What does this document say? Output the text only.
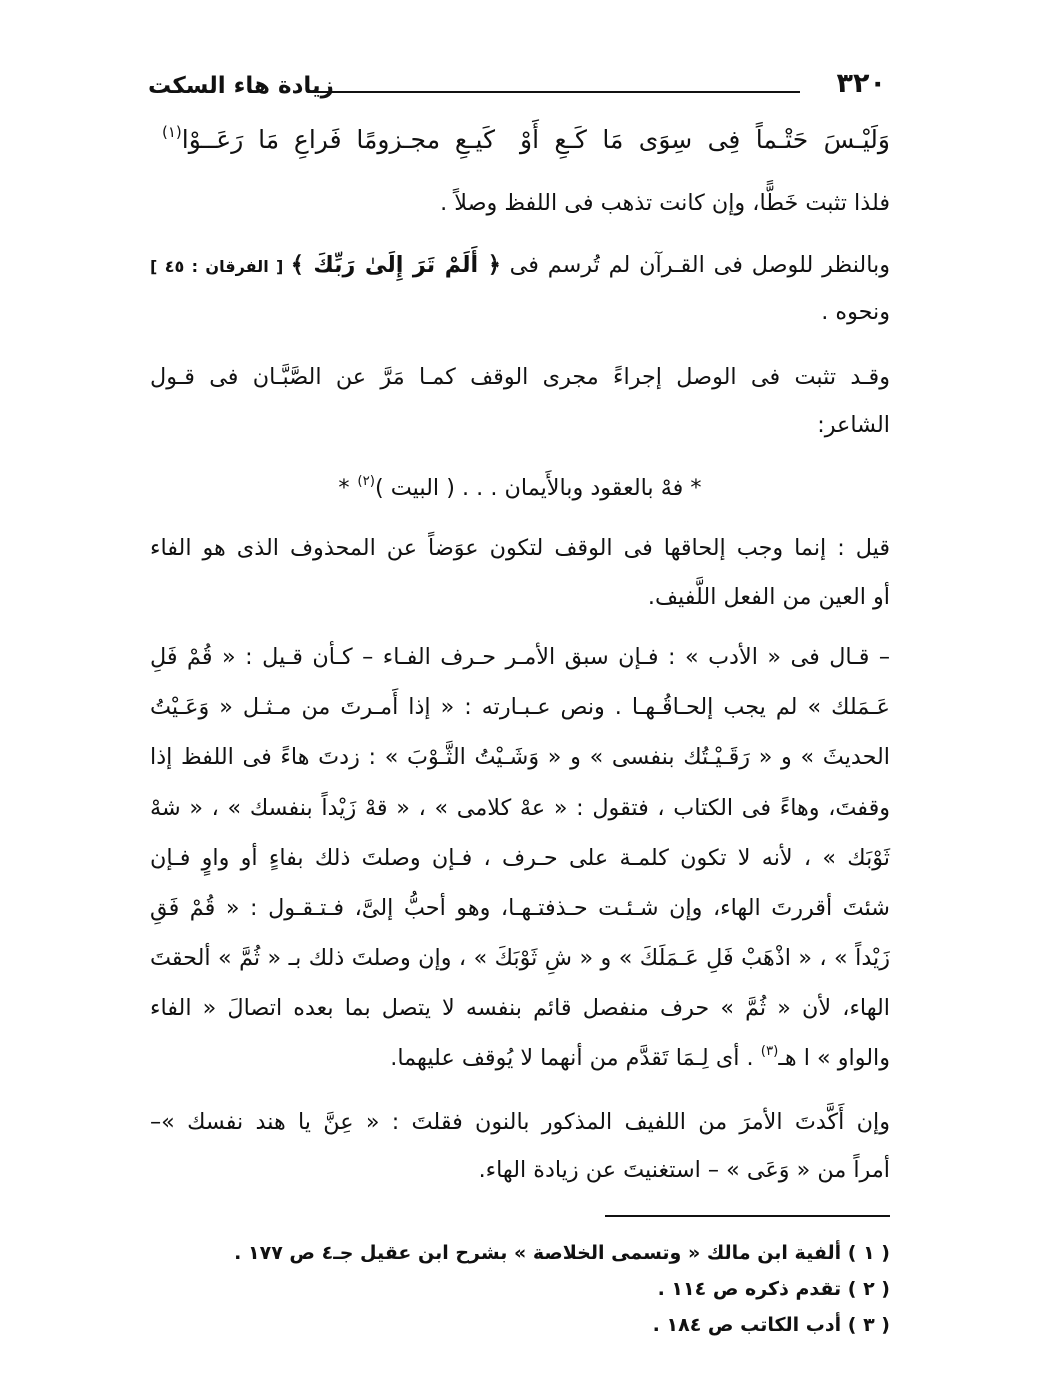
٣٢٠
زيادة هاء السكت
وَلَيْـسَ حَتْـماً فِى سِوَى مَا كَـعِ أَوْ
كَيـعِ مجـزومًا فَراعِ مَا رَعَــوْا$^{(١)}$
فلذا تثبت خَطًّا، وإن كانت تذهب فى اللفظ وصلاً .
وبالنظر للوصل فى القـرآن لم تُرسم فى ﴿ أَلَمْ تَرَ إِلَىٰ رَبِّكَ ﴾ [ الفرقان : ٤٥ ]
ونحوه .
وقـد تثبت فى الوصل إجراءً مجرى الوقف كمـا مَرَّ عن الصَّبَّـان فى قـول
الشاعر:
* فهْ بالعقود وبالأَيمان . . . ( البيت )$^{(٢)}$*
قيل : إنما وجب إلحاقها فى الوقف لتكون عوَضاً عن المحذوف الذى هو الفاء
أو العين من الفعل اللَّفيف.
– قـال فى « الأدب » : فـإن سبق الأمـر حـرف الفـاء – كـأن قـيل : « قُمْ فَلِ
عَـمَلك » لم يجب إلحـاقُـهـا . ونص عـبـارته : « إذا أَمـرتَ من مـثـل « وَعَـيْتُ
الحديثَ » و « رَقَـيْـتُك بنفسى » و « وَشَـيْتُ الثَّـوْبَ » : زدتَ هاءً فى اللفظ إذا
وقفتَ، وهاءً فى الكتاب ، فتقول : « عهْ كلامى » ، « قهْ زَيْداً بنفسك » ، « شهْ
ثَوْبَك » ، لأنه لا تكون كلمـة على حـرف ، فـإن وصلتَ ذلك بفاءٍ أو واوٍ فـإن
شئتَ أقررتَ الهاء، وإن شـئـت حـذفتـهـا، وهو أحبُّ إلىَّ، فـتـقـول : « قُمْ فَقِ
زَيْداً » ، « اذْهَبْ فَلِ عَـمَلَكَ » و « شِ ثَوْبَكَ » ، وإن وصلتَ ذلك بـ « ثُمَّ » ألحقتَ
الهاء، لأن « ثُمَّ » حرف منفصل قائم بنفسه لا يتصل بما بعده اتصالَ « الفاء
والواو » ا هـ$^{(٣)}$ . أى لِـمَا تَقدَّم من أنهما لا يُوقف عليهما.
وإن أَكَّدتَ الأمرَ من اللفيف المذكور بالنون فقلتَ : « عِنَّ يا هند نفسك »–
أمراً من « وَعَى » – استغنيتَ عن زيادة الهاء.
( ١ ) ألفية ابن مالك « وتسمى الخلاصة » بشرح ابن عقيل جـ٤ ص ١٧٧ .
( ٢ ) تقدم ذكره ص ١١٤ .
( ٣ ) أدب الكاتب ص ١٨٤ .
